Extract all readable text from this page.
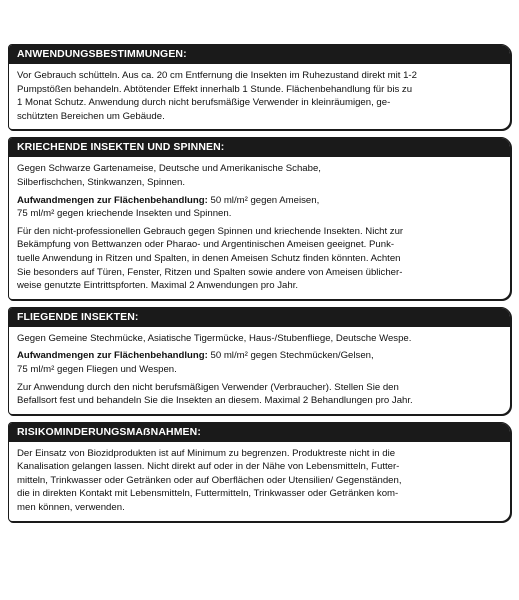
ANWENDUNGSBESTIMMUNGEN:

Vor Gebrauch schütteln. Aus ca. 20 cm Entfernung die Insekten im Ruhezustand direkt mit 1-2
Pumpstößen behandeln. Abtötender Effekt innerhalb 1 Stunde. Flächenbehandlung für bis zu
1 Monat Schutz. Anwendung durch nicht berufsmäßige Verwender in kleinräumigen, ge-
schützten Bereichen um Gebäude.

KRIECHENDE INSEKTEN UND SPINNEN:

Gegen Schwarze Gartenameise, Deutsche und Amerikanische Schabe,
Silberfischchen, Stinkwanzen, Spinnen.

Aufwandmengen zur Flächenbehandlung: 50 ml/m² gegen Ameisen,
75 ml/m² gegen kriechende Insekten und Spinnen.

Für den nicht-professionellen Gebrauch gegen Spinnen und kriechende Insekten. Nicht zur
Bekämpfung von Bettwanzen oder Pharao- und Argentinischen Ameisen geeignet. Punk-
tuelle Anwendung in Ritzen und Spalten, in denen Ameisen Schutz finden könnten. Achten
Sie besonders auf Türen, Fenster, Ritzen und Spalten sowie andere von Ameisen üblicher-
weise genutzte Eintrittspforten. Maximal 2 Anwendungen pro Jahr.

FLIEGENDE INSEKTEN:

Gegen Gemeine Stechmücke, Asiatische Tigermücke, Haus-/Stubenfliege, Deutsche Wespe.

Aufwandmengen zur Flächenbehandlung: 50 ml/m² gegen Stechmücken/Gelsen,
75 ml/m² gegen Fliegen und Wespen.

Zur Anwendung durch den nicht berufsmäßigen Verwender (Verbraucher). Stellen Sie den
Befallsort fest und behandeln Sie die Insekten an diesem. Maximal 2 Behandlungen pro Jahr.

RISIKOMINDERUNGSMAẞNAHMEN:

Der Einsatz von Biozidprodukten ist auf Minimum zu begrenzen. Produktreste nicht in die
Kanalisation gelangen lassen. Nicht direkt auf oder in der Nähe von Lebensmitteln, Futter-
mitteln, Trinkwasser oder Getränken oder auf Oberflächen oder Utensilien/ Gegenständen,
die in direkten Kontakt mit Lebensmitteln, Futtermitteln, Trinkwasser oder Getränken kom-
men können, verwenden.
